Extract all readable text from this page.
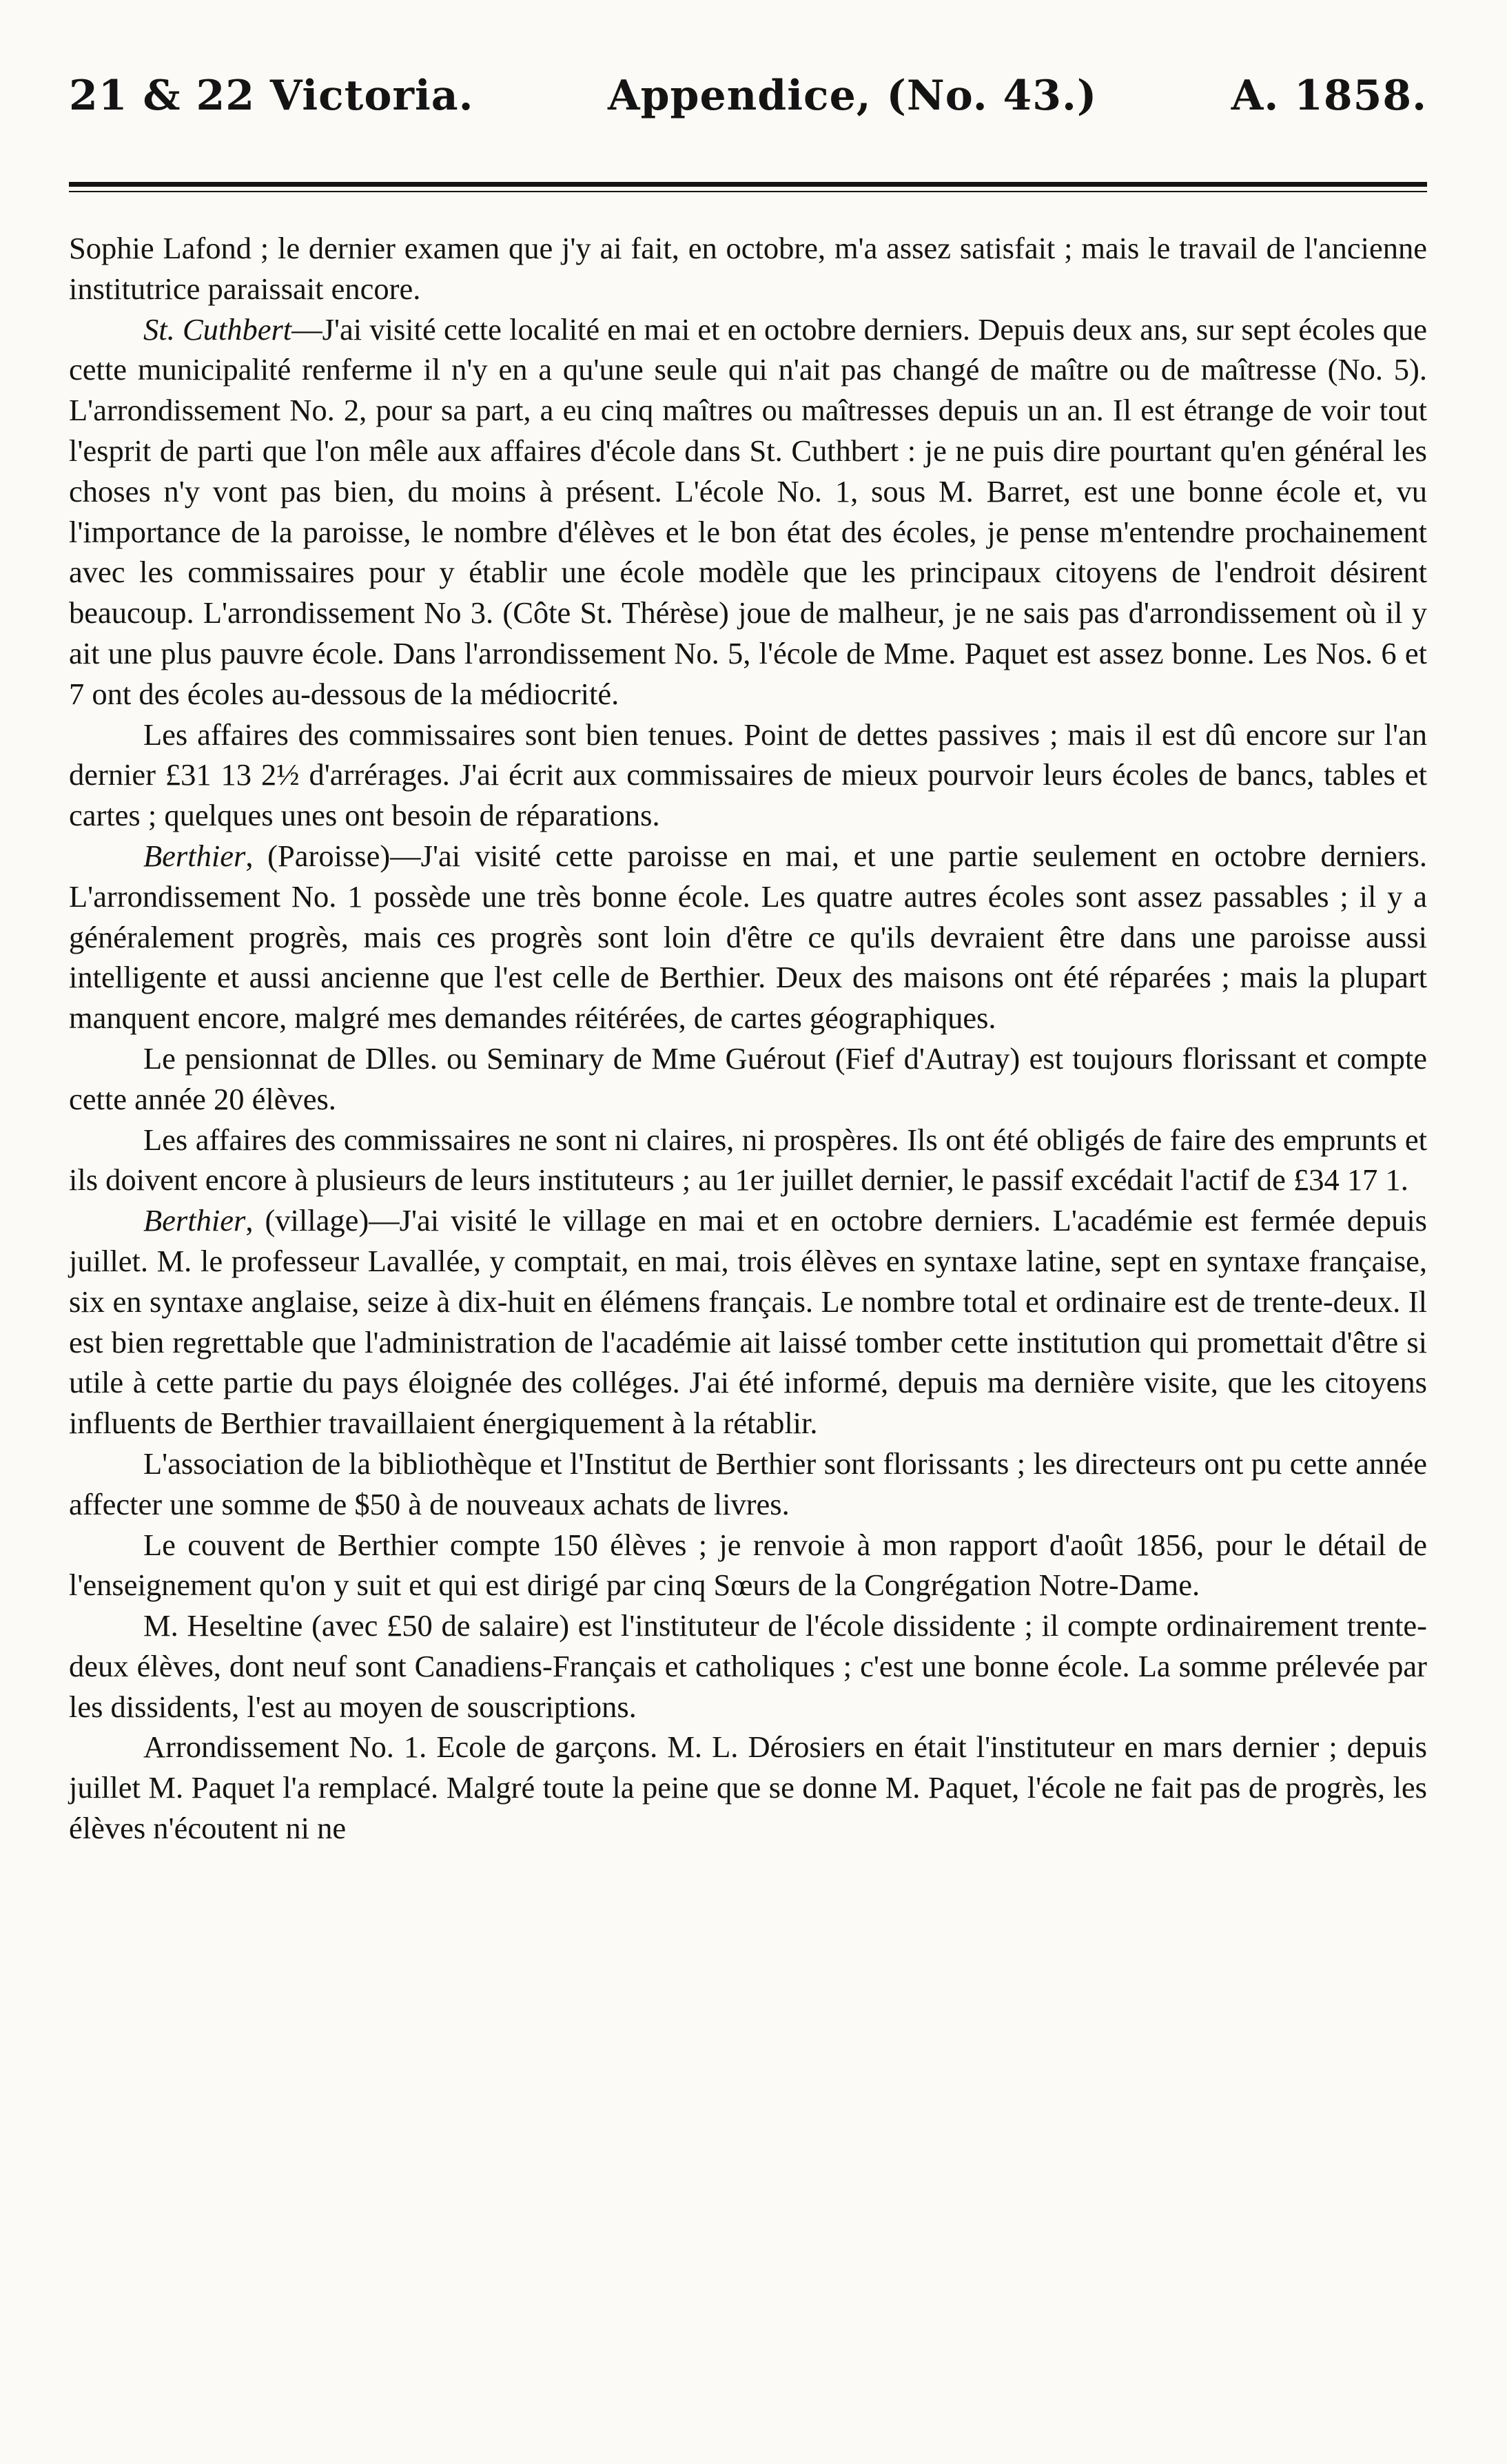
21 & 22 Victoria.	Appendice, (No. 43.)	A. 1858.

Sophie Lafond ; le dernier examen que j'y ai fait, en octobre, m'a assez satisfait ; mais le travail de l'ancienne institutrice paraissait encore.

St. Cuthbert—J'ai visité cette localité en mai et en octobre derniers. Depuis deux ans, sur sept écoles que cette municipalité renferme il n'y en a qu'une seule qui n'ait pas changé de maître ou de maîtresse (No. 5). L'arrondissement No. 2, pour sa part, a eu cinq maîtres ou maîtresses depuis un an. Il est étrange de voir tout l'esprit de parti que l'on mêle aux affaires d'école dans St. Cuthbert : je ne puis dire pourtant qu'en général les choses n'y vont pas bien, du moins à présent. L'école No. 1, sous M. Barret, est une bonne école et, vu l'importance de la paroisse, le nombre d'élèves et le bon état des écoles, je pense m'entendre prochainement avec les commissaires pour y établir une école modèle que les principaux citoyens de l'endroit désirent beaucoup. L'arrondissement No 3. (Côte St. Thérèse) joue de malheur, je ne sais pas d'arrondissement où il y ait une plus pauvre école. Dans l'arrondissement No. 5, l'école de Mme. Paquet est assez bonne. Les Nos. 6 et 7 ont des écoles au-dessous de la médiocrité.

Les affaires des commissaires sont bien tenues. Point de dettes passives ; mais il est dû encore sur l'an dernier £31 13 2½ d'arrérages. J'ai écrit aux commissaires de mieux pourvoir leurs écoles de bancs, tables et cartes ; quelques unes ont besoin de réparations.

Berthier, (Paroisse)—J'ai visité cette paroisse en mai, et une partie seulement en octobre derniers. L'arrondissement No. 1 possède une très bonne école. Les quatre autres écoles sont assez passables ; il y a généralement progrès, mais ces progrès sont loin d'être ce qu'ils devraient être dans une paroisse aussi intelligente et aussi ancienne que l'est celle de Berthier. Deux des maisons ont été réparées ; mais la plupart manquent encore, malgré mes demandes réitérées, de cartes géographiques.

Le pensionnat de Dlles. ou Seminary de Mme Guérout (Fief d'Autray) est toujours florissant et compte cette année 20 élèves.

Les affaires des commissaires ne sont ni claires, ni prospères. Ils ont été obligés de faire des emprunts et ils doivent encore à plusieurs de leurs instituteurs ; au 1er juillet dernier, le passif excédait l'actif de £34 17 1.

Berthier, (village)—J'ai visité le village en mai et en octobre derniers. L'académie est fermée depuis juillet. M. le professeur Lavallée, y comptait, en mai, trois élèves en syntaxe latine, sept en syntaxe française, six en syntaxe anglaise, seize à dix-huit en élémens français. Le nombre total et ordinaire est de trente-deux. Il est bien regrettable que l'administration de l'académie ait laissé tomber cette institution qui promettait d'être si utile à cette partie du pays éloignée des colléges. J'ai été informé, depuis ma dernière visite, que les citoyens influents de Berthier travaillaient énergiquement à la rétablir.

L'association de la bibliothèque et l'Institut de Berthier sont florissants ; les directeurs ont pu cette année affecter une somme de $50 à de nouveaux achats de livres.

Le couvent de Berthier compte 150 élèves ; je renvoie à mon rapport d'août 1856, pour le détail de l'enseignement qu'on y suit et qui est dirigé par cinq Sœurs de la Congrégation Notre-Dame.

M. Heseltine (avec £50 de salaire) est l'instituteur de l'école dissidente ; il compte ordinairement trente-deux élèves, dont neuf sont Canadiens-Français et catholiques ; c'est une bonne école. La somme prélevée par les dissidents, l'est au moyen de souscriptions.

Arrondissement No. 1. Ecole de garçons. M. L. Dérosiers en était l'instituteur en mars dernier ; depuis juillet M. Paquet l'a remplacé. Malgré toute la peine que se donne M. Paquet, l'école ne fait pas de progrès, les élèves n'écoutent ni ne
